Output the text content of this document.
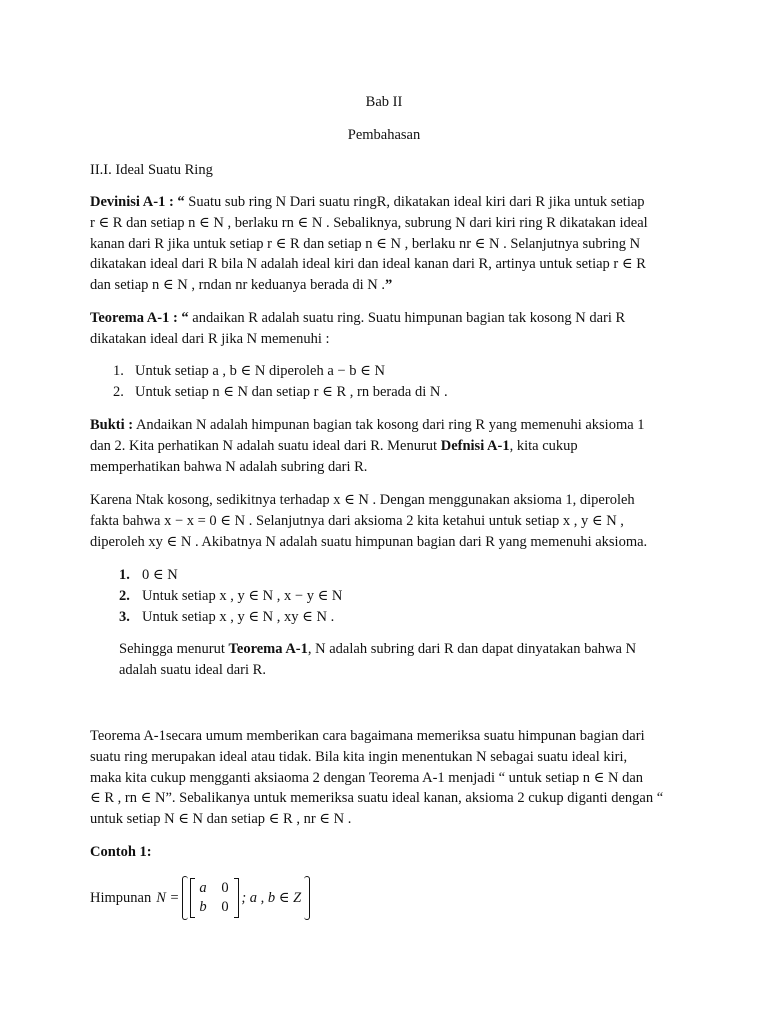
Bab II

Pembahasan

II.I. Ideal Suatu Ring

Devinisi A-1 : “ Suatu sub ring N Dari suatu ringR, dikatakan ideal kiri dari R jika untuk setiap
r ∈ R dan setiap n ∈ N , berlaku rn ∈ N . Sebaliknya, subrung N dari kiri ring R dikatakan ideal
kanan dari R jika untuk setiap r ∈ R dan setiap n ∈ N , berlaku nr ∈ N . Selanjutnya subring N
dikatakan ideal dari R bila N adalah ideal kiri dan ideal kanan dari R, artinya untuk setiap r ∈ R
dan setiap n ∈ N , rndan nr keduanya berada di N .”
Teorema A-1 : “ andaikan R adalah suatu ring. Suatu himpunan bagian tak kosong N dari R
dikatakan ideal dari R jika N memenuhi :
1. Untuk setiap a , b ∈ N diperoleh a − b ∈ N
2. Untuk setiap n ∈ N dan setiap r ∈ R , rn berada di N .
Bukti : Andaikan N adalah himpunan bagian tak kosong dari ring R yang memenuhi aksioma 1
dan 2. Kita perhatikan N adalah suatu ideal dari R. Menurut Defnisi A-1, kita cukup
memperhatikan bahwa N adalah subring dari R.
Karena Ntak kosong, sedikitnya terhadap x ∈ N . Dengan menggunakan aksioma 1, diperoleh
fakta bahwa x − x = 0 ∈ N . Selanjutnya dari aksioma 2 kita ketahui untuk setiap x , y ∈ N ,
diperoleh xy ∈ N . Akibatnya N adalah suatu himpunan bagian dari R yang memenuhi aksioma.
1. 0 ∈ N
2. Untuk setiap x , y ∈ N , x − y ∈ N
3. Untuk setiap x , y ∈ N , xy ∈ N .
Sehingga menurut Teorema A-1, N adalah subring dari R dan dapat dinyatakan bahwa N
adalah suatu ideal dari R.
Teorema A-1secara umum memberikan cara bagaimana memeriksa suatu himpunan bagian dari
suatu ring merupakan ideal atau tidak. Bila kita ingin menentukan N sebagai suatu ideal kiri,
maka kita cukup mengganti aksiaoma 2 dengan Teorema A-1 menjadi “ untuk setiap n ∈ N dan
∈ R , rn ∈ N”. Sebalikanya untuk memeriksa suatu ideal kanan, aksioma 2 cukup diganti dengan “
untuk setiap N ∈ N dan setiap ∈ R , nr ∈ N .

Contoh 1:

Himpunan N =
a	0
b	0
; a , b ∈ Z
